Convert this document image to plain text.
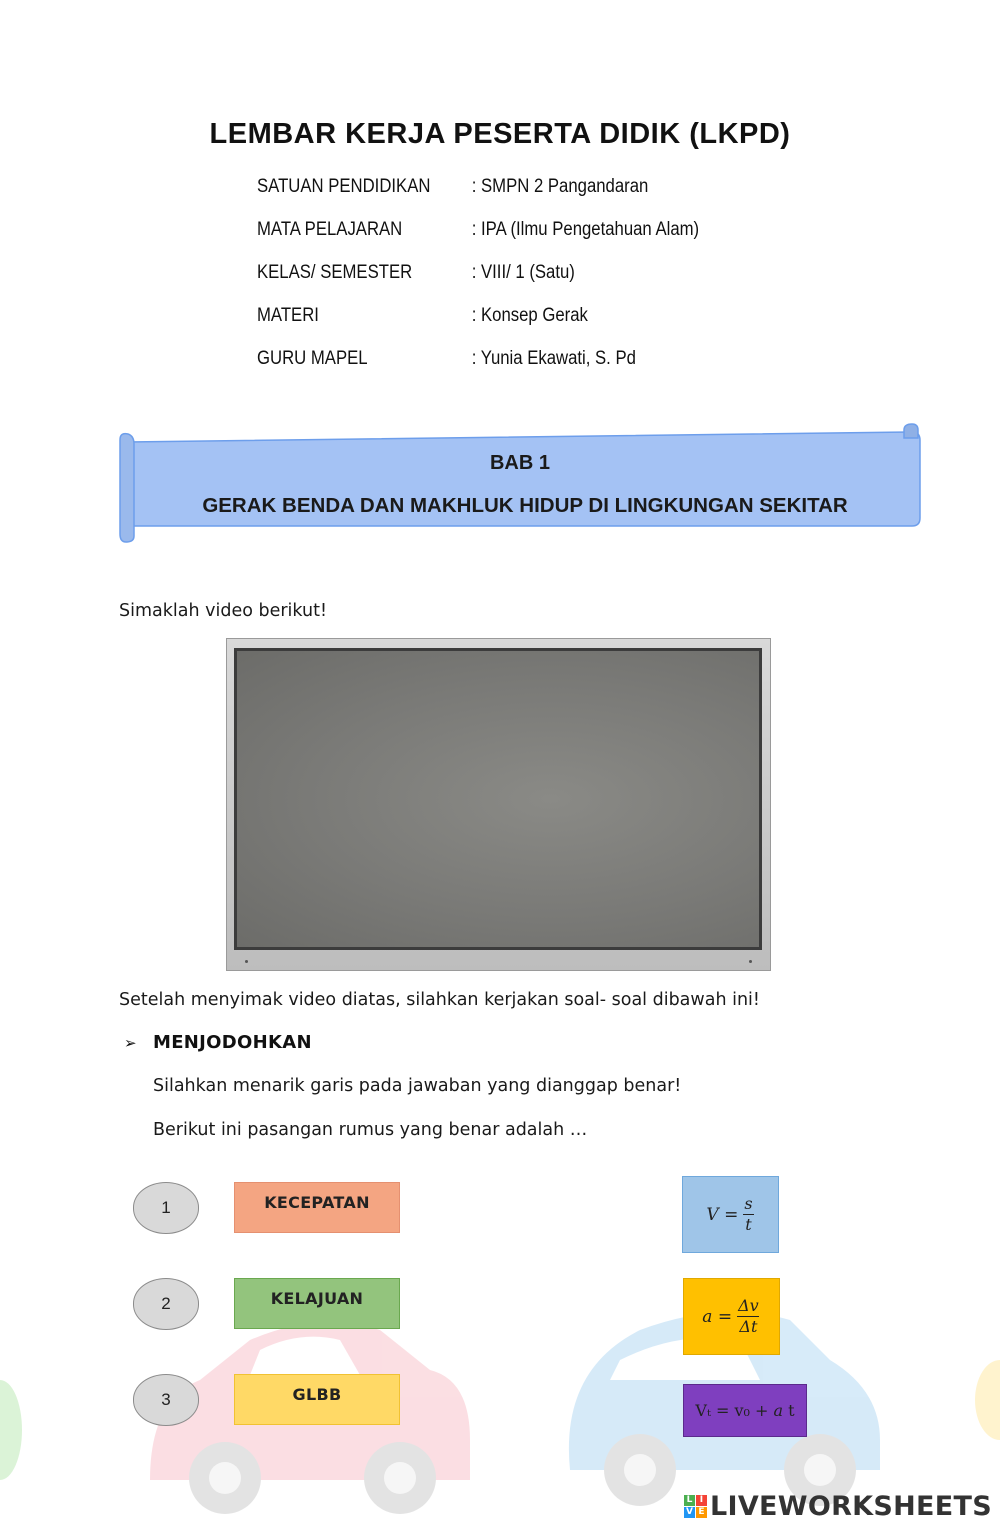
LEMBAR KERJA PESERTA DIDIK (LKPD)
SATUAN PENDIDIKAN : SMPN 2 Pangandaran
MATA PELAJARAN	: IPA (Ilmu Pengetahuan Alam)
KELAS/ SEMESTER	: VIII/ 1 (Satu)
MATERI	: Konsep Gerak
GURU MAPEL	: Yunia Ekawati, S. Pd
BAB 1
GERAK BENDA DAN MAKHLUK HIDUP DI LINGKUNGAN SEKITAR
Simaklah video berikut!
Setelah menyimak video diatas, silahkan kerjakan soal- soal dibawah ini!
➢ MENJODOHKAN
Silahkan menarik garis pada jawaban yang dianggap benar!
Berikut ini pasangan rumus yang benar adalah …
1	KECEPATAN
2	KELAJUAN
3	GLBB
$V = \frac{s}{t}$
$a = \frac{\Delta v}{\Delta t}$
Vₜ = v₀ + 𝑎 t
L I
V E LIVEWORKSHEETS
